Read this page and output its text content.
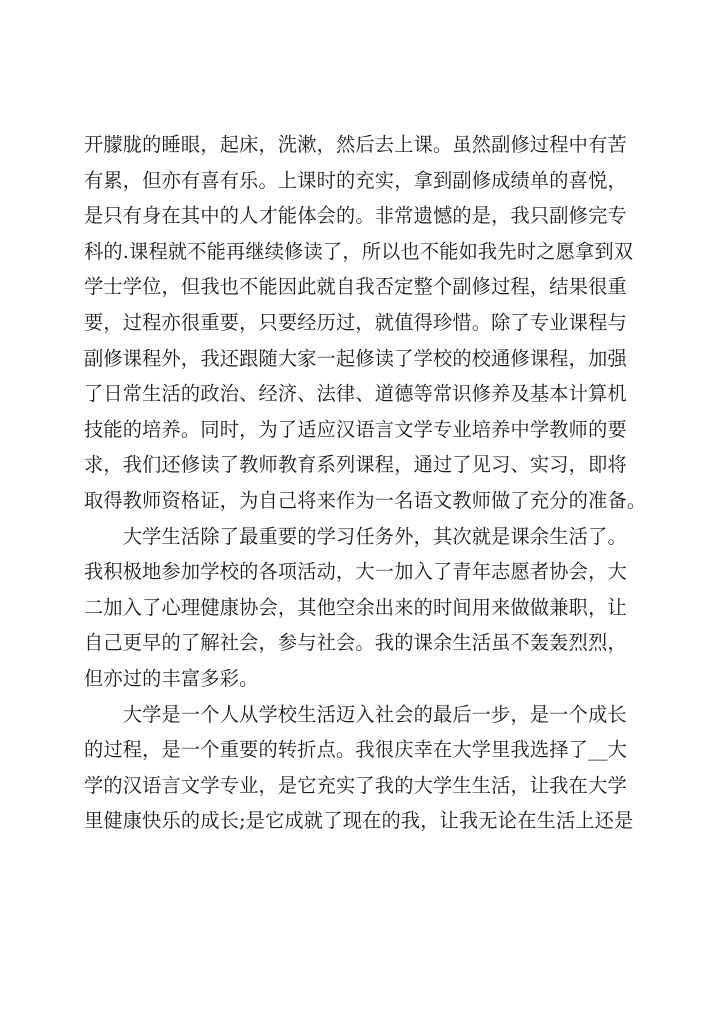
开朦胧的睡眼，起床，洗漱，然后去上课。虽然副修过程中有苦
有累，但亦有喜有乐。上课时的充实，拿到副修成绩单的喜悦，
是只有身在其中的人才能体会的。非常遗憾的是，我只副修完专
科的.课程就不能再继续修读了，所以也不能如我先时之愿拿到双
学士学位，但我也不能因此就自我否定整个副修过程，结果很重
要，过程亦很重要，只要经历过，就值得珍惜。除了专业课程与
副修课程外，我还跟随大家一起修读了学校的校通修课程，加强
了日常生活的政治、经济、法律、道德等常识修养及基本计算机
技能的培养。同时，为了适应汉语言文学专业培养中学教师的要
求，我们还修读了教师教育系列课程，通过了见习、实习，即将
取得教师资格证，为自己将来作为一名语文教师做了充分的准备。
　　大学生活除了最重要的学习任务外，其次就是课余生活了。
我积极地参加学校的各项活动，大一加入了青年志愿者协会，大
二加入了心理健康协会，其他空余出来的时间用来做做兼职，让
自己更早的了解社会，参与社会。我的课余生活虽不轰轰烈烈，
但亦过的丰富多彩。
　　大学是一个人从学校生活迈入社会的最后一步，是一个成长
的过程，是一个重要的转折点。我很庆幸在大学里我选择了__大
学的汉语言文学专业，是它充实了我的大学生生活，让我在大学
里健康快乐的成长;是它成就了现在的我，让我无论在生活上还是
